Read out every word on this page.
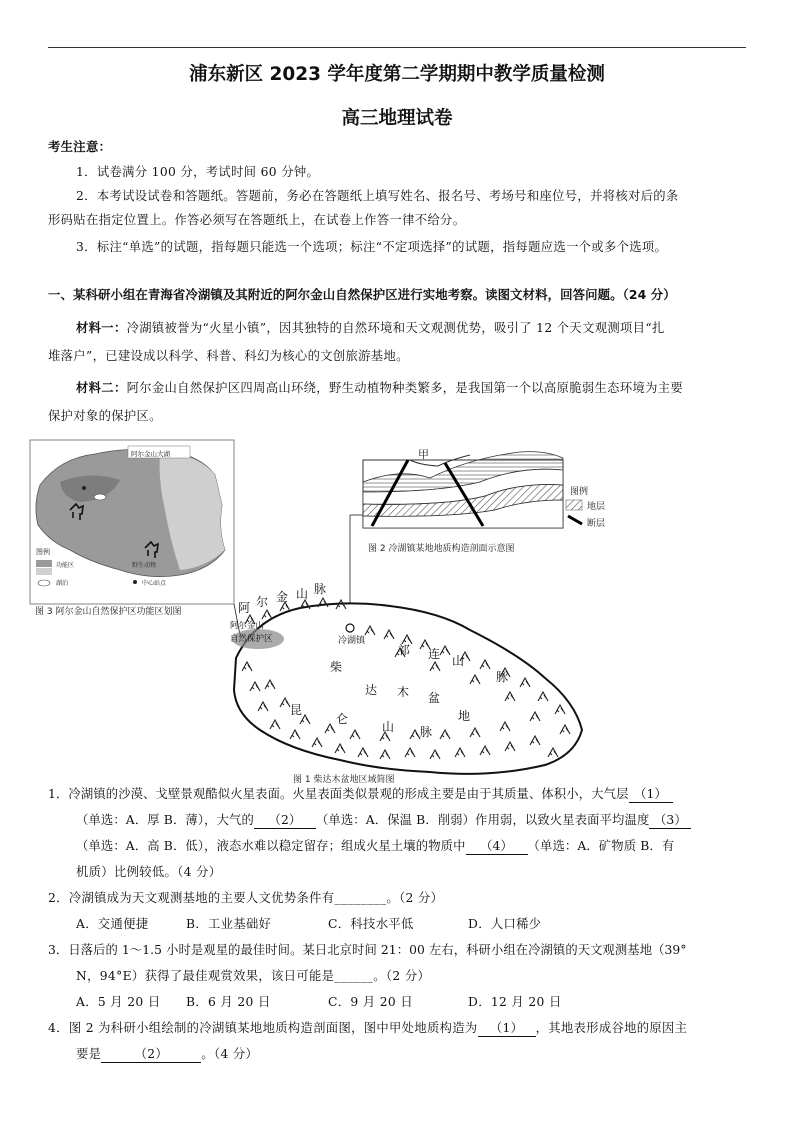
浦东新区 2023 学年度第二学期期中教学质量检测
高三地理试卷
考生注意：
1．试卷满分 100 分，考试时间 60 分钟。
2．本考试设试卷和答题纸。答题前，务必在答题纸上填写姓名、报名号、考场号和座位号，并将核对后的条
形码贴在指定位置上。作答必须写在答题纸上，在试卷上作答一律不给分。
3．标注“单选”的试题，指每题只能选一个选项；标注“不定项选择”的试题，指每题应选一个或多个选项。
一、某科研小组在青海省冷湖镇及其附近的阿尔金山自然保护区进行实地考察。读图文材料，回答问题。（24 分）
材料一：冷湖镇被誉为“火星小镇”，因其独特的自然环境和天文观测优势，吸引了 12 个天文观测项目“扎
堆落户”，已建设成以科学、科普、科幻为核心的文创旅游基地。
材料二：阿尔金山自然保护区四周高山环绕，野生动植物种类繁多，是我国第一个以高原脆弱生态环境为主要
保护对象的保护区。
阿尔金山大湖
图例
功能区
湖泊
野生动物
中心站点
图 3 阿尔金山自然保护区功能区划图
甲
图例
地层
断层
图 2 冷湖镇某地地质构造剖面示意图
阿尔金山
自然保护区	冷湖镇
阿 尔 金 山 脉
祁 连 山
脉
柴
达 木 盆
地
昆
仑
山 脉
图 1 柴达木盆地区域简图
1．冷湖镇的沙漠、戈壁景观酷似火星表面。火星表面类似景观的形成主要是由于其质量、体积小，大气层 （1）
（单选：A．厚 B．薄），大气的 （2） （单选：A．保温 B．削弱）作用弱，以致火星表面平均温度 （3）
（单选：A．高 B．低），液态水难以稳定留存；组成火星土壤的物质中 （4） （单选：A．矿物质 B．有
机质）比例较低。（4 分）
2．冷湖镇成为天文观测基地的主要人文优势条件有________。（2 分）
A．交通便捷	B．工业基础好	C．科技水平低	D．人口稀少
3．日落后的 1～1.5 小时是观星的最佳时间。某日北京时间 21：00 左右，科研小组在冷湖镇的天文观测基地（39°
N，94°E）获得了最佳观赏效果，该日可能是______。（2 分）
A．5 月 20 日 B．6 月 20 日	C．9 月 20 日	D．12 月 20 日
4．图 2 为科研小组绘制的冷湖镇某地地质构造剖面图，图中甲处地质构造为 （1） ，其地表形成谷地的原因主
要是	（2）	。（4 分）
